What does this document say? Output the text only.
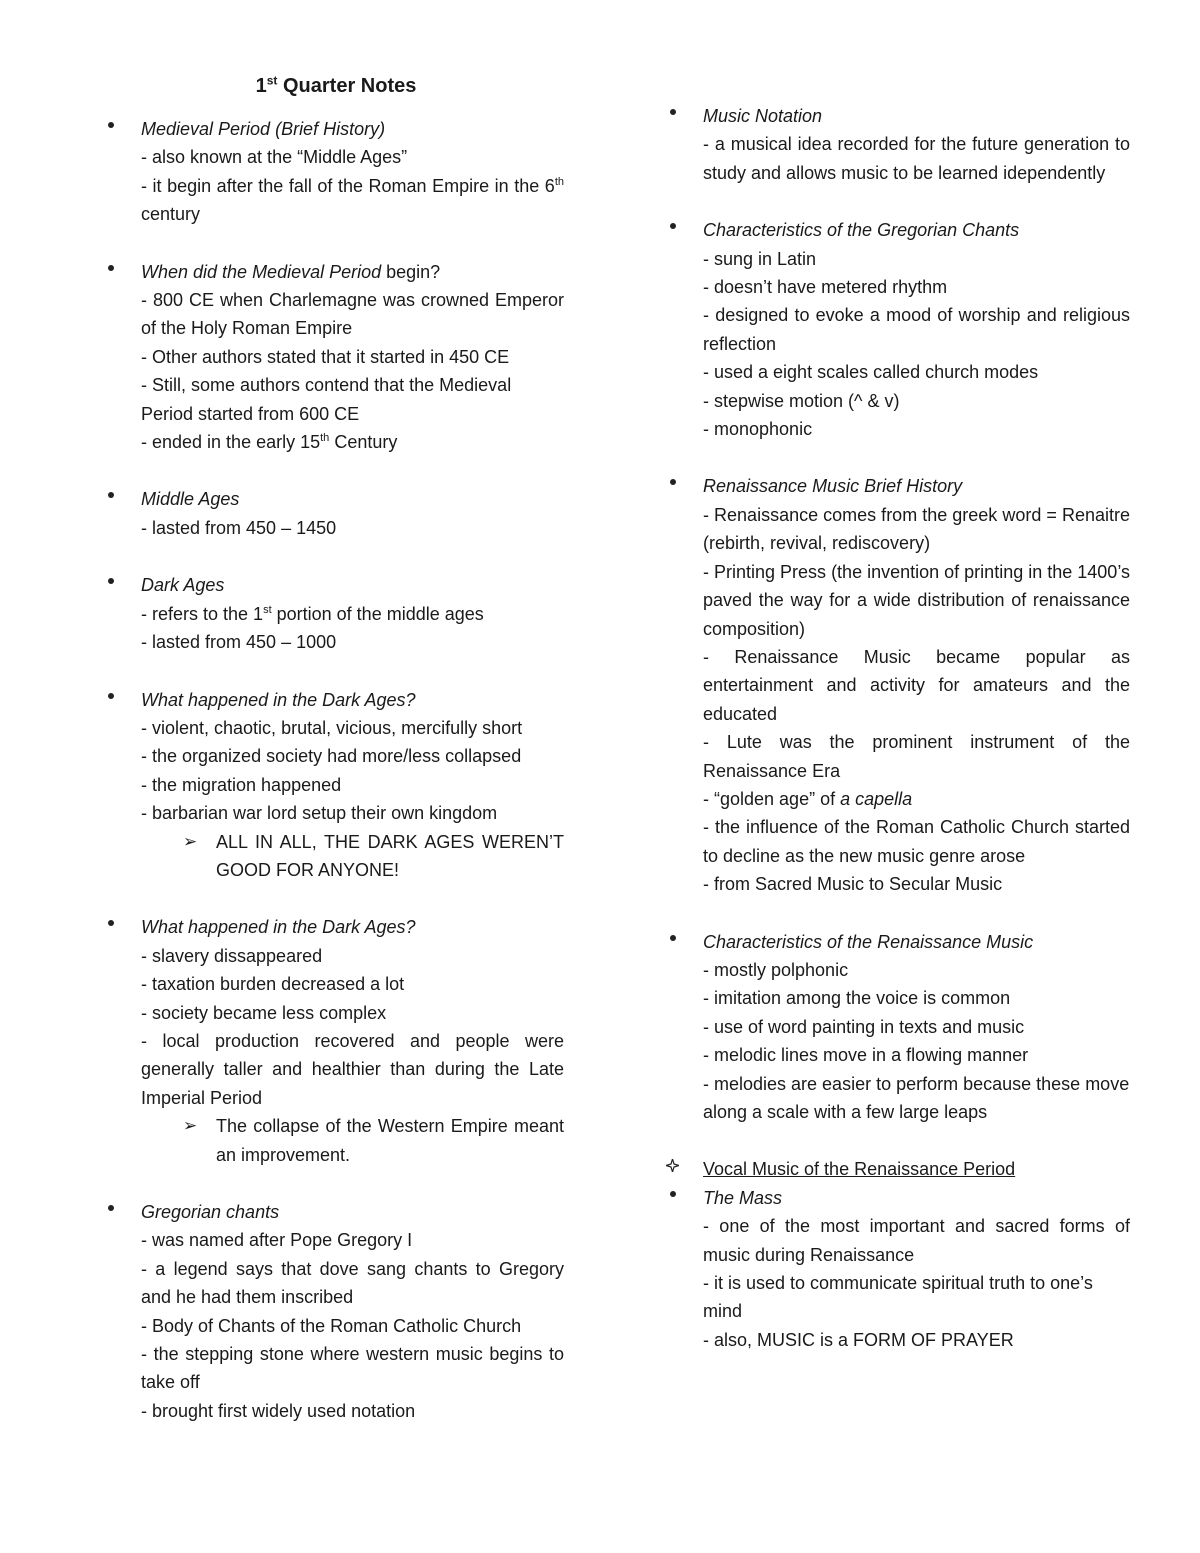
1st Quarter Notes
Medieval Period (Brief History)
- also known at the “Middle Ages”
- it begin after the fall of the Roman Empire in the 6th century
When did the Medieval Period begin?
- 800 CE when Charlemagne was crowned Emperor of the Holy Roman Empire
- Other authors stated that it started in 450 CE
- Still, some authors contend that the Medieval Period started from 600 CE
- ended in the early 15th Century
Middle Ages
- lasted from 450 – 1450
Dark Ages
- refers to the 1st portion of the middle ages
- lasted from 450 – 1000
What happened in the Dark Ages?
- violent, chaotic, brutal, vicious, mercifully short
- the organized society had more/less collapsed
- the migration happened
- barbarian war lord setup their own kingdom
➢ ALL IN ALL, THE DARK AGES WEREN’T GOOD FOR ANYONE!
What happened in the Dark Ages?
- slavery dissappeared
- taxation burden decreased a lot
- society became less complex
- local production recovered and people were generally taller and healthier than during the Late Imperial Period
➢ The collapse of the Western Empire meant an improvement.
Gregorian chants
- was named after Pope Gregory I
- a legend says that dove sang chants to Gregory and he had them inscribed
- Body of Chants of the Roman Catholic Church
- the stepping stone where western music begins to take off
- brought first widely used notation
Music Notation
- a musical idea recorded for the future generation to study and allows music to be learned idependently
Characteristics of the Gregorian Chants
- sung in Latin
- doesn’t have metered rhythm
- designed to evoke a mood of worship and religious reflection
- used a eight scales called church modes
- stepwise motion (^ & v)
- monophonic
Renaissance Music Brief History
- Renaissance comes from the greek word = Renaitre (rebirth, revival, rediscovery)
- Printing Press (the invention of printing in the 1400’s paved the way for a wide distribution of renaissance composition)
- Renaissance Music became popular as entertainment and activity for amateurs and the educated
- Lute was the prominent instrument of the Renaissance Era
- “golden age” of a capella
- the influence of the Roman Catholic Church started to decline as the new music genre arose
- from Sacred Music to Secular Music
Characteristics of the Renaissance Music
- mostly polphonic
- imitation among the voice is common
- use of word painting in texts and music
- melodic lines move in a flowing manner
- melodies are easier to perform because these move along a scale with a few large leaps
Vocal Music of the Renaissance Period
The Mass
- one of the most important and sacred forms of music during Renaissance
- it is used to communicate spiritual truth to one’s mind
- also, MUSIC is a FORM OF PRAYER
